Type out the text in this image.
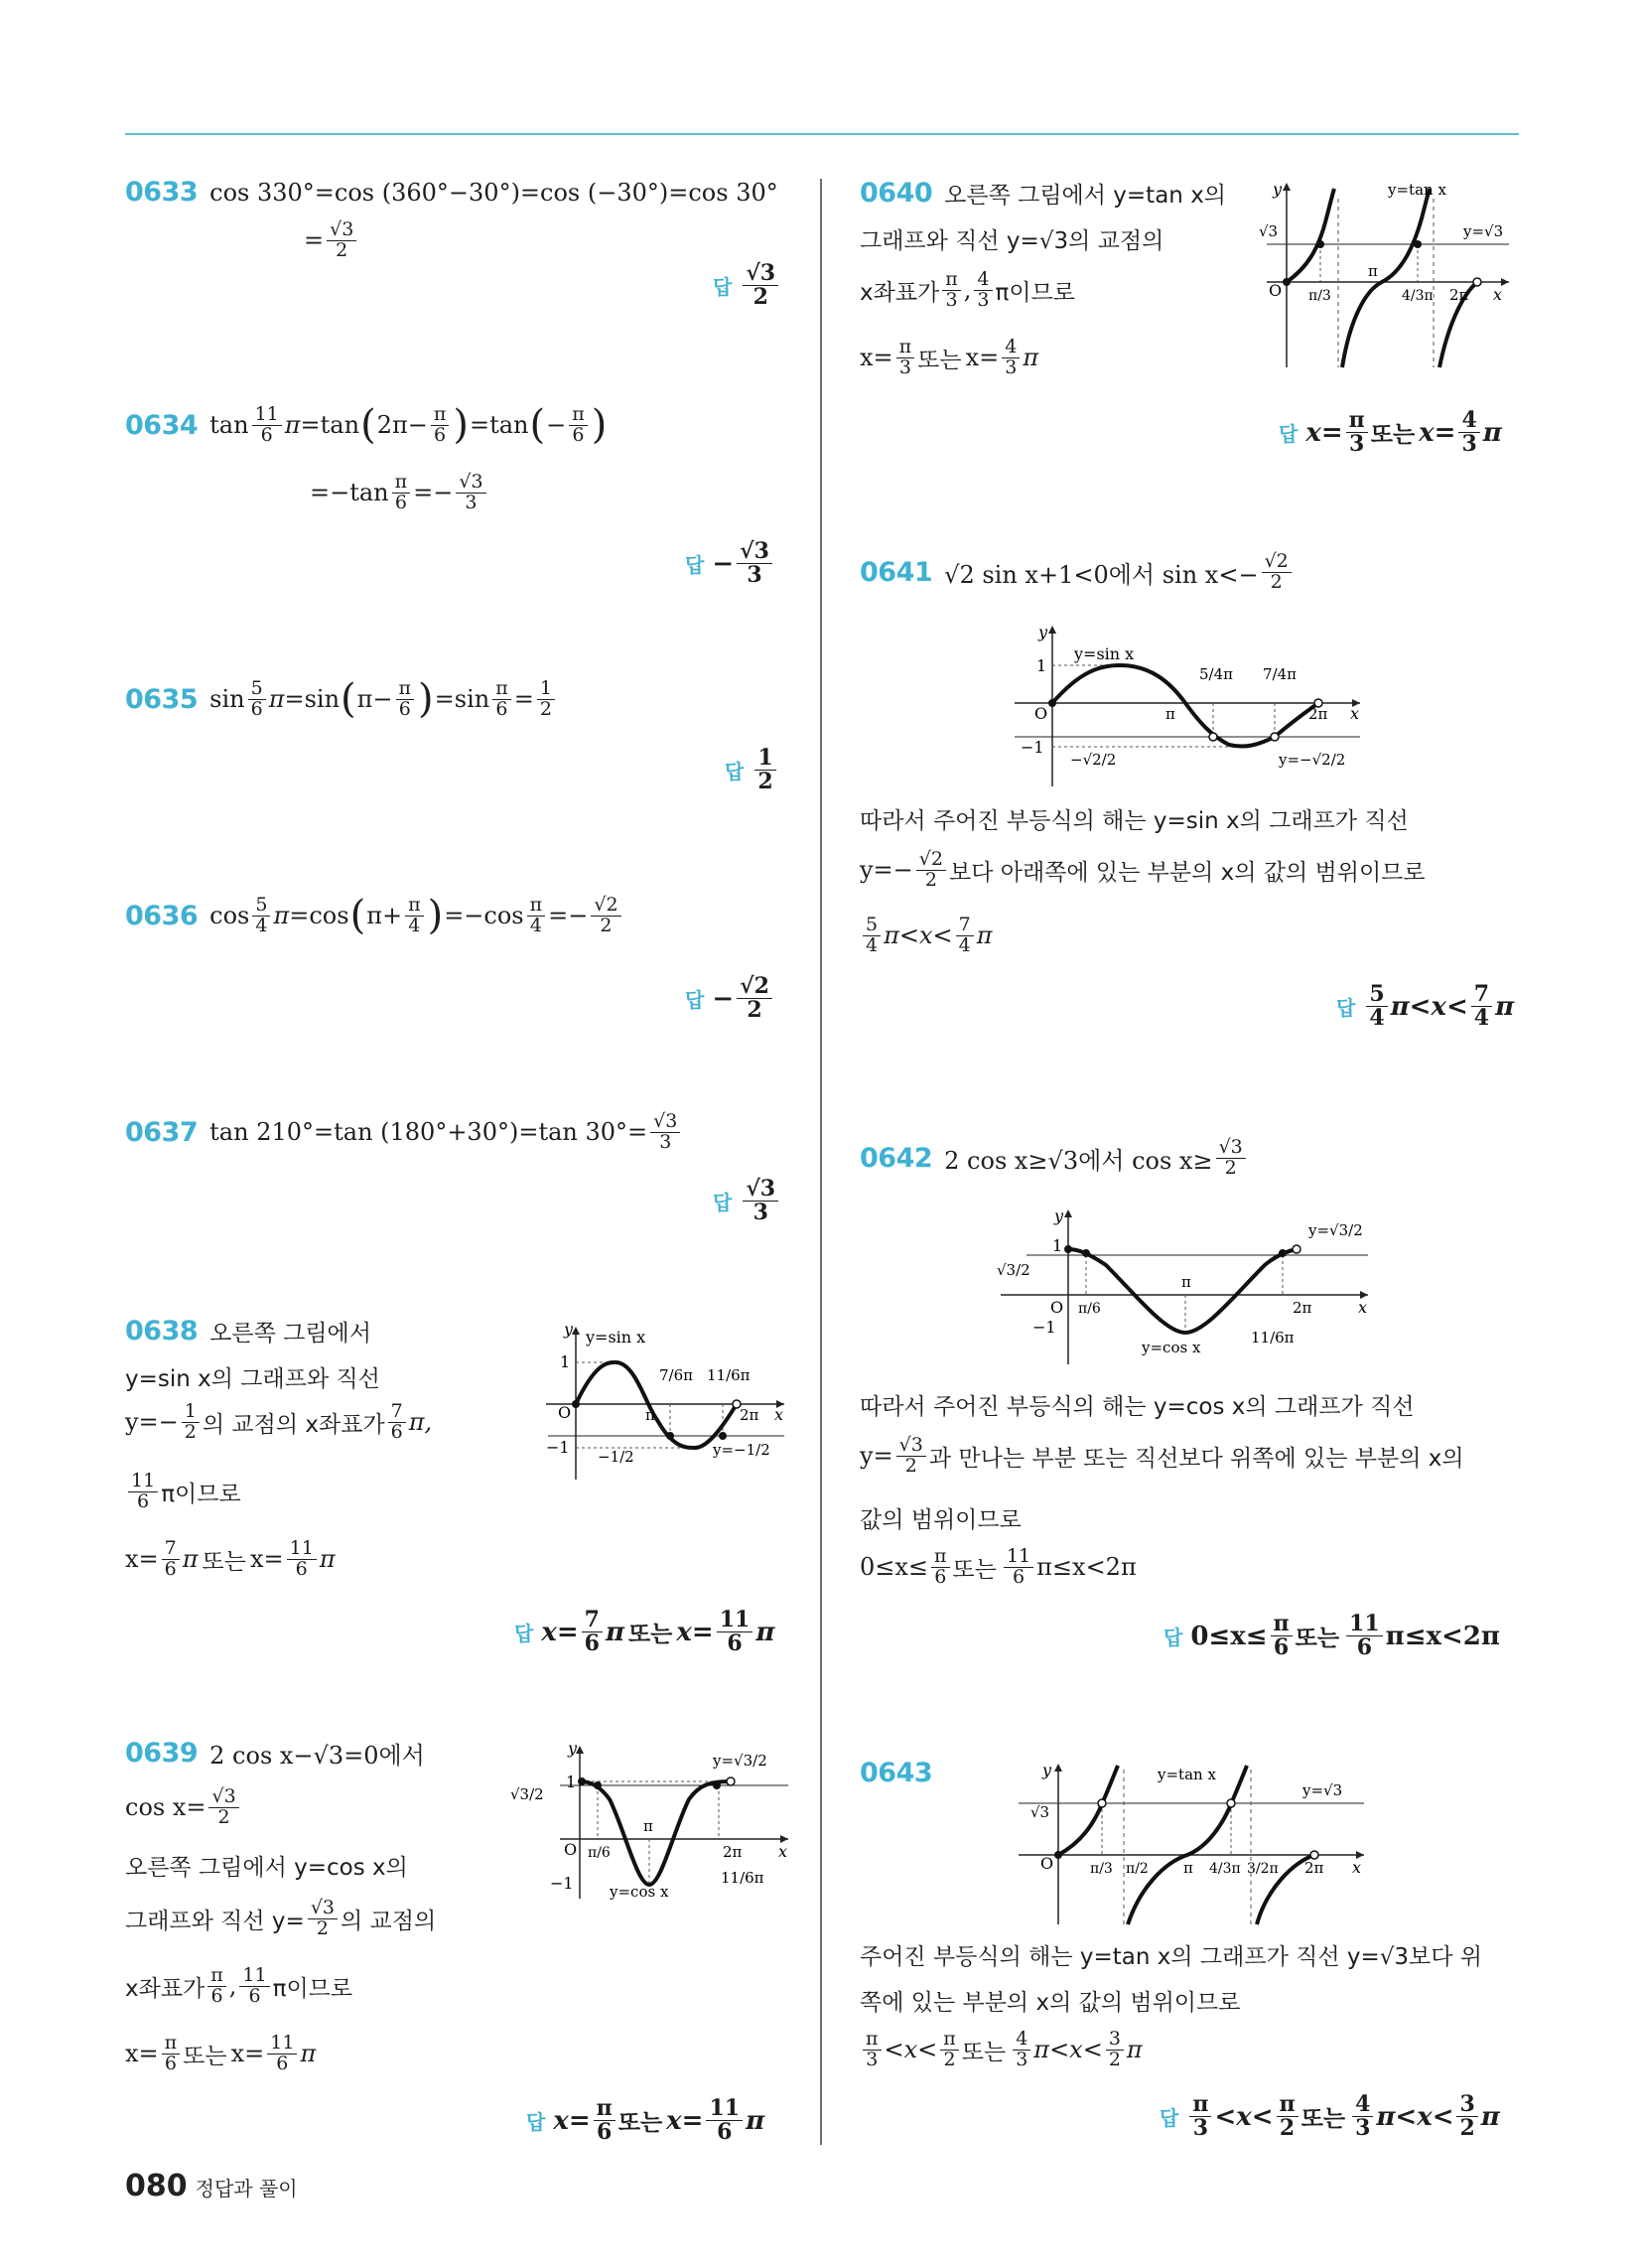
0633 cos 330°=cos (360°−30°)=cos (−30°)=cos 30°
= $\frac{√3}{2}$
답
√3
2
0634 tan 11
6 π =tan ( $2\pi- \frac{\pi}{6}$ ) =tan ( − $\frac{\pi}{6}$ )
$=-\tan \frac{\pi}{6} =- \frac{√3}{3}$
답 − $\frac{√3}{3}$
0635 sin 5
6 π =sin ( $\pi- \frac{\pi}{6}$ ) $=\sin \frac{\pi}{6} = \frac{1}{2}$
답
1
2
0636 cos 5
4 π =cos ( $\pi+ \frac{\pi}{4}$ ) $=-\cos \frac{\pi}{4} =- \frac{√2}{2}$
답 − $\frac{√2}{2}$
0637 tan 210°=tan (180°+30°)=tan $30^\circ= \frac{√3}{3}$
답
√3
3
0638 오른쪽 그림에서
y=sin x의 그래프와 직선
$y=- \frac{1}{2}$ 의 교점의 x좌표가
7
6 π,
11
6 π이므로
$x= \frac{7}{6}$ π 또는 $x= \frac{11}{6}$ π
답 $x= \frac{7}{6}$ π 또는 $x= \frac{11}{6}$ π
y
1
−1
O
y=sin x
7/6π 11/6π
π	2π x
y=−1/2
−1/2
0639 2 cos x−√3=0에서
$\cos x= \frac{√3}{2}$
오른쪽 그림에서 y=cos x의
그래프와 직선 $y= \frac{√3}{2}$ 의 교점의
x좌표가
π
6 , 11
6 π이므로
$x= \frac{\pi}{6}$ 또는 $x= \frac{11}{6}$ π
답 $x= \frac{\pi}{6}$ 또는 $x= \frac{11}{6}$ π
y
1
−1
O
y=cos x
π/6
π
2π x
11/6π
y=√3/2
√3/2
0640 오른쪽 그림에서 y=tan x의
그래프와 직선 y=√3의 교점의
x좌표가
π
3 , 4
3 π이므로
$x= \frac{\pi}{3}$ 또는 $x= \frac{4}{3}$ π
답 $x= \frac{\pi}{3}$ 또는 $x= \frac{4}{3}$ π
y
O
y=tan x
y=√3
√3
π/3
π
4/3π 2π x
0641 √2 sin x+1<0에서 $\sin x<- \frac{√2}{2}$
y
1
−1
O
y=sin x
5/4π 7/4π
π	2π x
y=−√2/2
−√2/2
따라서 주어진 부등식의 해는 y=sin x의 그래프가 직선
$y=- \frac{√2}{2}$ 보다 아래쪽에 있는 부분의 x의 값의 범위이므로
5
4 π<x< 7
4 π
답
5
4 π<x< 7
4 π
0642 2 cos x≥√3에서 $\cos x\ge \frac{√3}{2}$
y
1
−1
O
y=cos x
√3/2
π/6
π
2π	x
11/6π
y=√3/2
따라서 주어진 부등식의 해는 y=cos x의 그래프가 직선
$y= \frac{√3}{2}$ 과 만나는 부분 또는 직선보다 위쪽에 있는 부분의 x의
값의 범위이므로
$0\le x\le \frac{\pi}{6}$ 또는
11
6 π≤x<2π
답 $0\le x\le \frac{\pi}{6}$ 또는
11
6 π≤x<2π
0643	y
O
y=tan x
y=√3
√3
π/3 π/2 π 4/3π 3/2π 2π x
주어진 부등식의 해는 y=tan x의 그래프가 직선 y=√3보다 위
쪽에 있는 부분의 x의 값의 범위이므로
π
3 <x< π
2 또는
4
3 π<x< 3
2 π
답
π
3 <x< π
2 또는
4
3 π<x< 3
2 π
080 정답과 풀이
